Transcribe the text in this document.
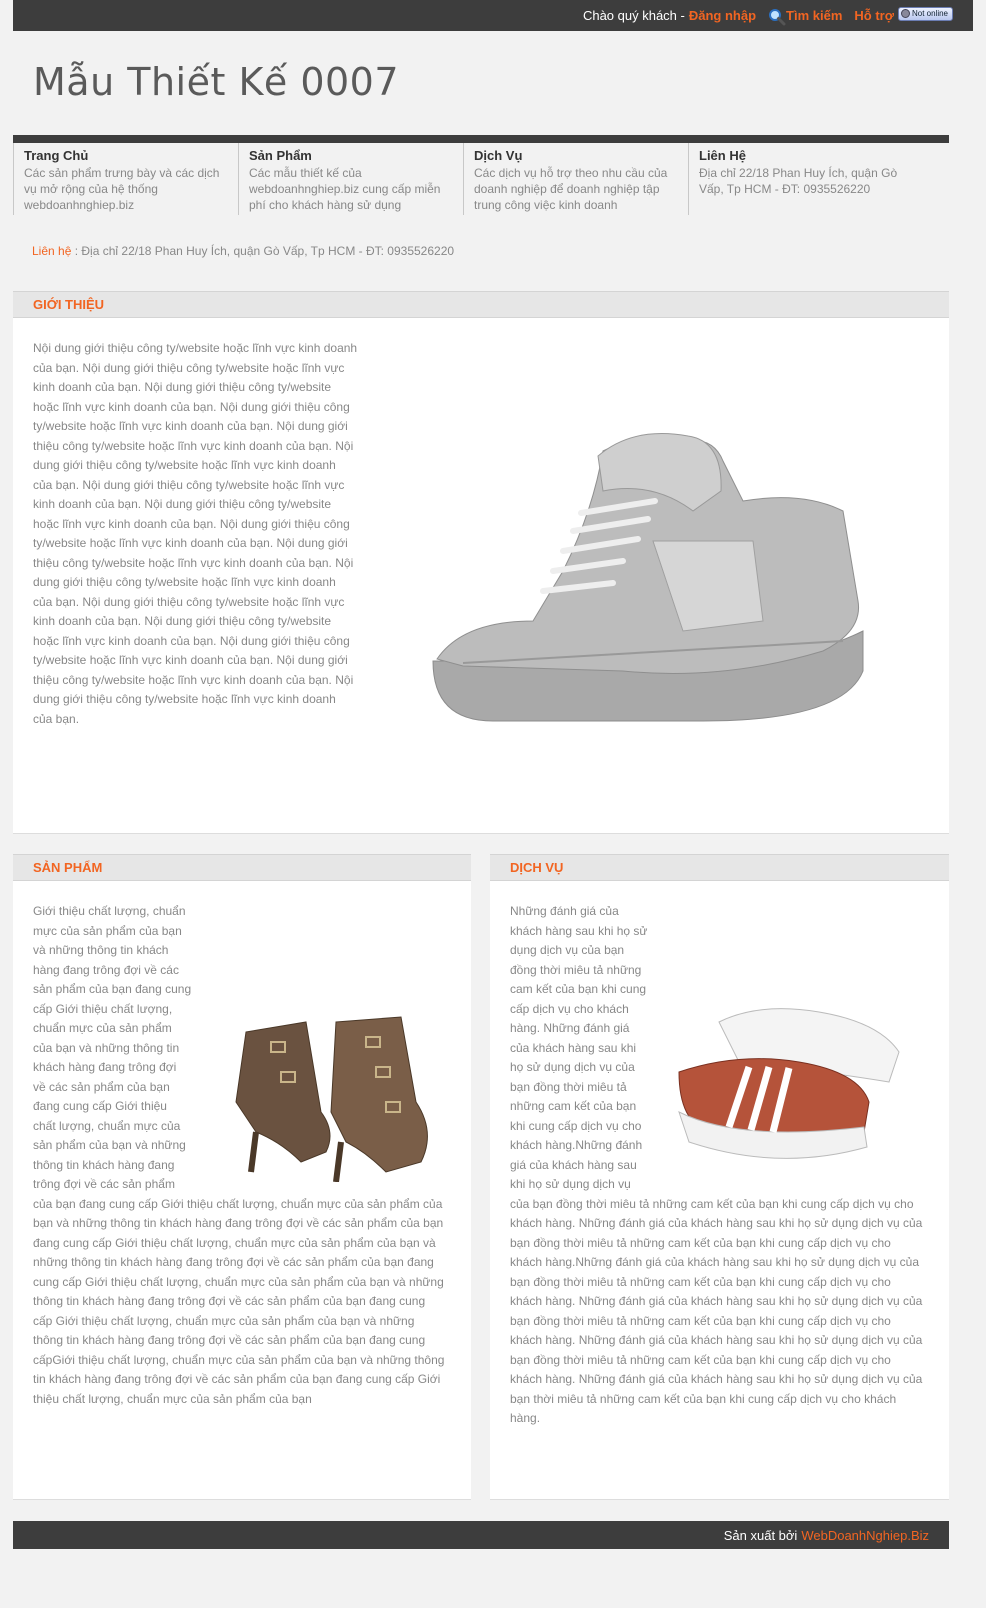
Chào quý khách - Đăng nhập Tìm kiếm Hỗ trợ Not online
Mẫu Thiết Kế 0007
Trang Chủ
Các sản phẩm trưng bày và các dịch vụ mở rộng của hệ thống webdoanhnghiep.biz
Sản Phẩm
Các mẫu thiết kế của webdoanhnghiep.biz cung cấp miễn phí cho khách hàng sử dụng
Dịch Vụ
Các dịch vụ hỗ trợ theo nhu cầu của doanh nghiệp để doanh nghiệp tập trung công việc kinh doanh
Liên Hệ
Địa chỉ 22/18 Phan Huy Ích, quận Gò Vấp, Tp HCM - ĐT: 0935526220
Liên hệ : Địa chỉ 22/18 Phan Huy Ích, quận Gò Vấp, Tp HCM - ĐT: 0935526220
GIỚI THIỆU
Nội dung giới thiệu công ty/website hoặc lĩnh vực kinh doanh của bạn. Nội dung giới thiệu công ty/website hoặc lĩnh vực kinh doanh của bạn. Nội dung giới thiệu công ty/website hoặc lĩnh vực kinh doanh của bạn. Nội dung giới thiệu công ty/website hoặc lĩnh vực kinh doanh của bạn. Nội dung giới thiệu công ty/website hoặc lĩnh vực kinh doanh của bạn. Nội dung giới thiệu công ty/website hoặc lĩnh vực kinh doanh của bạn. Nội dung giới thiệu công ty/website hoặc lĩnh vực kinh doanh của bạn. Nội dung giới thiệu công ty/website hoặc lĩnh vực kinh doanh của bạn. Nội dung giới thiệu công ty/website hoặc lĩnh vực kinh doanh của bạn. Nội dung giới thiệu công ty/website hoặc lĩnh vực kinh doanh của bạn. Nội dung giới thiệu công ty/website hoặc lĩnh vực kinh doanh của bạn. Nội dung giới thiệu công ty/website hoặc lĩnh vực kinh doanh của bạn. Nội dung giới thiệu công ty/website hoặc lĩnh vực kinh doanh của bạn. Nội dung giới thiệu công ty/website hoặc lĩnh vực kinh doanh của bạn. Nội dung giới thiệu công ty/website hoặc lĩnh vực kinh doanh của bạn. Nội dung giới thiệu công ty/website hoặc lĩnh vực kinh doanh của bạn.
SẢN PHẨM
Giới thiệu chất lượng, chuẩn mực của sản phẩm của bạn và những thông tin khách hàng đang trông đợi về các sản phẩm của bạn đang cung cấp Giới thiệu chất lượng, chuẩn mực của sản phẩm của bạn và những thông tin khách hàng đang trông đợi về các sản phẩm của bạn đang cung cấp Giới thiệu chất lượng, chuẩn mực của sản phẩm của bạn và những thông tin khách hàng đang trông đợi về các sản phẩm của bạn đang cung cấp Giới thiệu chất lượng, chuẩn mực của sản phẩm của bạn và những thông tin khách hàng đang trông đợi về các sản phẩm của bạn đang cung cấp Giới thiệu chất lượng, chuẩn mực của sản phẩm của bạn và những thông tin khách hàng đang trông đợi về các sản phẩm của bạn đang cung cấp Giới thiệu chất lượng, chuẩn mực của sản phẩm của bạn và những thông tin khách hàng đang trông đợi về các sản phẩm của bạn đang cung cấp Giới thiệu chất lượng, chuẩn mực của sản phẩm của bạn và những thông tin khách hàng đang trông đợi về các sản phẩm của bạn đang cung cấpGiới thiệu chất lượng, chuẩn mực của sản phẩm của bạn và những thông tin khách hàng đang trông đợi về các sản phẩm của bạn đang cung cấp Giới thiệu chất lượng, chuẩn mực của sản phẩm của bạn
DỊCH VỤ
Những đánh giá của khách hàng sau khi họ sử dụng dịch vụ của bạn đồng thời miêu tả những cam kết của bạn khi cung cấp dịch vụ cho khách hàng. Những đánh giá của khách hàng sau khi họ sử dụng dịch vụ của bạn đồng thời miêu tả những cam kết của bạn khi cung cấp dịch vụ cho khách hàng.Những đánh giá của khách hàng sau khi họ sử dụng dịch vụ của bạn đồng thời miêu tả những cam kết của bạn khi cung cấp dịch vụ cho khách hàng. Những đánh giá của khách hàng sau khi họ sử dụng dịch vụ của bạn đồng thời miêu tả những cam kết của bạn khi cung cấp dịch vụ cho khách hàng.Những đánh giá của khách hàng sau khi họ sử dụng dịch vụ của bạn đồng thời miêu tả những cam kết của bạn khi cung cấp dịch vụ cho khách hàng. Những đánh giá của khách hàng sau khi họ sử dụng dịch vụ của bạn đồng thời miêu tả những cam kết của bạn khi cung cấp dịch vụ cho khách hàng. Những đánh giá của khách hàng sau khi họ sử dụng dịch vụ của bạn đồng thời miêu tả những cam kết của bạn khi cung cấp dịch vụ cho khách hàng. Những đánh giá của khách hàng sau khi họ sử dụng dịch vụ của bạn thời miêu tả những cam kết của bạn khi cung cấp dịch vụ cho khách hàng.
Sản xuất bởi WebDoanhNghiep.Biz
